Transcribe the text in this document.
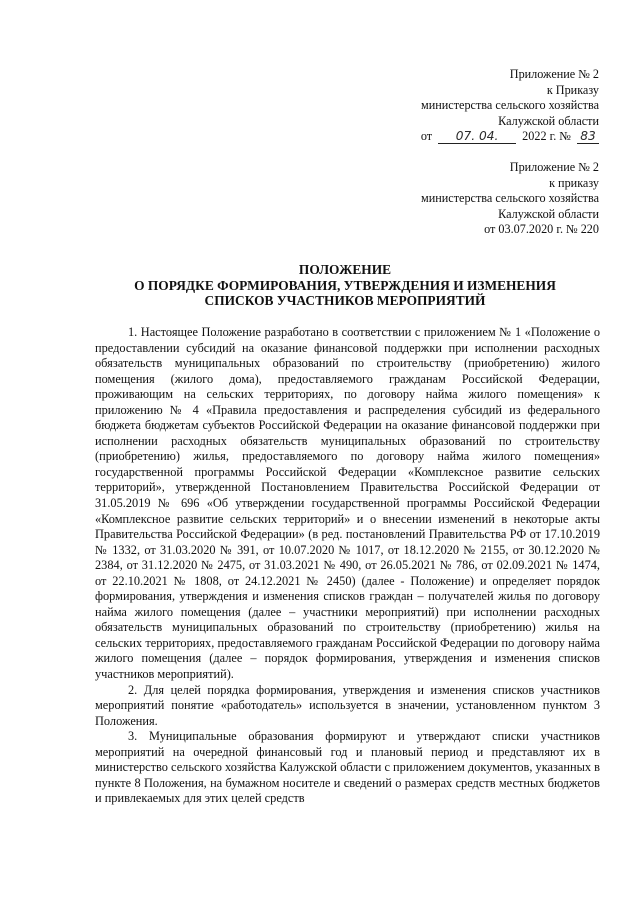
Приложение № 2
к Приказу
министерства сельского хозяйства
Калужской области
от 07. 04. 2022 г. № 83
Приложение № 2
к приказу
министерства сельского хозяйства
Калужской области
от 03.07.2020 г. № 220
ПОЛОЖЕНИЕ
О ПОРЯДКЕ ФОРМИРОВАНИЯ, УТВЕРЖДЕНИЯ И ИЗМЕНЕНИЯ
СПИСКОВ УЧАСТНИКОВ МЕРОПРИЯТИЙ

1. Настоящее Положение разработано в соответствии с приложением № 1 «Положение о предоставлении субсидий на оказание финансовой поддержки при исполнении расходных обязательств муниципальных образований по строительству (приобретению) жилого помещения (жилого дома), предоставляемого гражданам Российской Федерации, проживающим на сельских территориях, по договору найма жилого помещения» к приложению № 4 «Правила предоставления и распределения субсидий из федерального бюджета бюджетам субъектов Российской Федерации на оказание финансовой поддержки при исполнении расходных обязательств муниципальных образований по строительству (приобретению) жилья, предоставляемого по договору найма жилого помещения» государственной программы Российской Федерации «Комплексное развитие сельских территорий», утвержденной Постановлением Правительства Российской Федерации от 31.05.2019 № 696 «Об утверждении государственной программы Российской Федерации «Комплексное развитие сельских территорий» и о внесении изменений в некоторые акты Правительства Российской Федерации» (в ред. постановлений Правительства РФ от 17.10.2019 № 1332, от 31.03.2020 № 391, от 10.07.2020 № 1017, от 18.12.2020 № 2155, от 30.12.2020 № 2384, от 31.12.2020 № 2475, от 31.03.2021 № 490, от 26.05.2021 № 786, от 02.09.2021 № 1474, от 22.10.2021 № 1808, от 24.12.2021 № 2450) (далее - Положение) и определяет порядок формирования, утверждения и изменения списков граждан – получателей жилья по договору найма жилого помещения (далее – участники мероприятий) при исполнении расходных обязательств муниципальных образований по строительству (приобретению) жилья на сельских территориях, предоставляемого гражданам Российской Федерации по договору найма жилого помещения (далее – порядок формирования, утверждения и изменения списков участников мероприятий).

2. Для целей порядка формирования, утверждения и изменения списков участников мероприятий понятие «работодатель» используется в значении, установленном пунктом 3 Положения.

3. Муниципальные образования формируют и утверждают списки участников мероприятий на очередной финансовый год и плановый период и представляют их в министерство сельского хозяйства Калужской области с приложением документов, указанных в пункте 8 Положения, на бумажном носителе и сведений о размерах средств местных бюджетов и привлекаемых для этих целей средств
